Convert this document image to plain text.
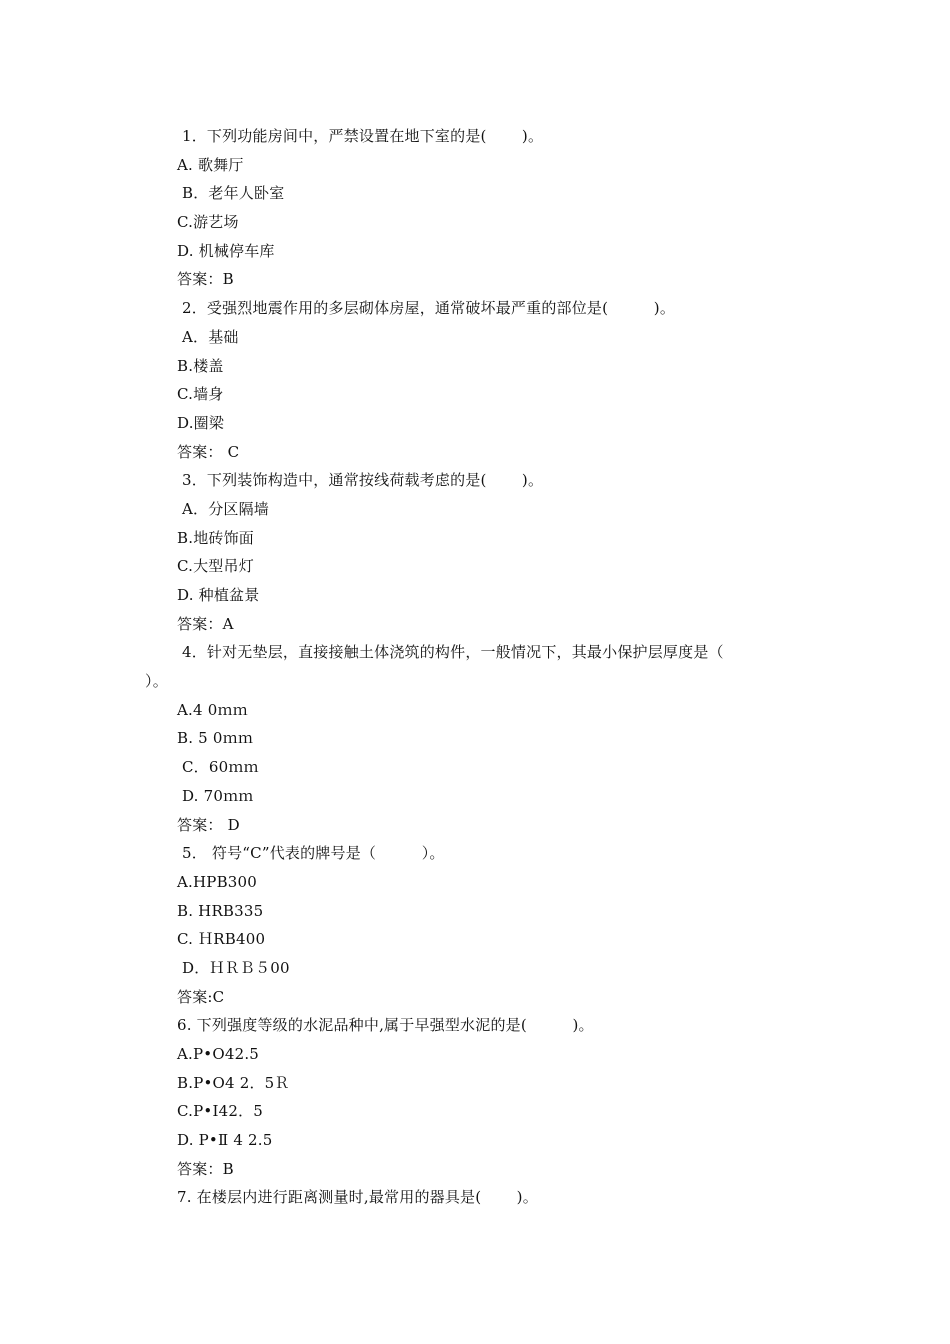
1．下列功能房间中，严禁设置在地下室的是(　　 )。
A. 歌舞厅
B．老年人卧室
C.游艺场
D. 机械停车库
答案：B
2．受强烈地震作用的多层砌体房屋，通常破坏最严重的部位是(　　　)。
A．基础
B.楼盖
C.墙身
D.圈梁
答案： C
3．下列装饰构造中，通常按线荷载考虑的是(　　 )。
A．分区隔墙
B.地砖饰面
C.大型吊灯
D. 种植盆景
答案：A
4．针对无垫层，直接接触土体浇筑的构件，一般情况下，其最小保护层厚度是（
）。
A.4 0ｍｍ
B. 5 0ｍｍ
C．60ｍｍ
D. 70ｍｍ
答案： D
5． 符号“C”代表的牌号是（　　　）。
A.HPB300
B. HRB335
C. ＨRB400
D．ＨＲＢ５00
答案:C
6. 下列强度等级的水泥品种中,属于早强型水泥的是(　　　)。
A.P•O42.5
B.P•O4 2．5Ｒ
C.P•I42．5
D. P•Ⅱ 4 2.5
答案：B
7. 在楼层内进行距离测量时,最常用的器具是(　　 )。
